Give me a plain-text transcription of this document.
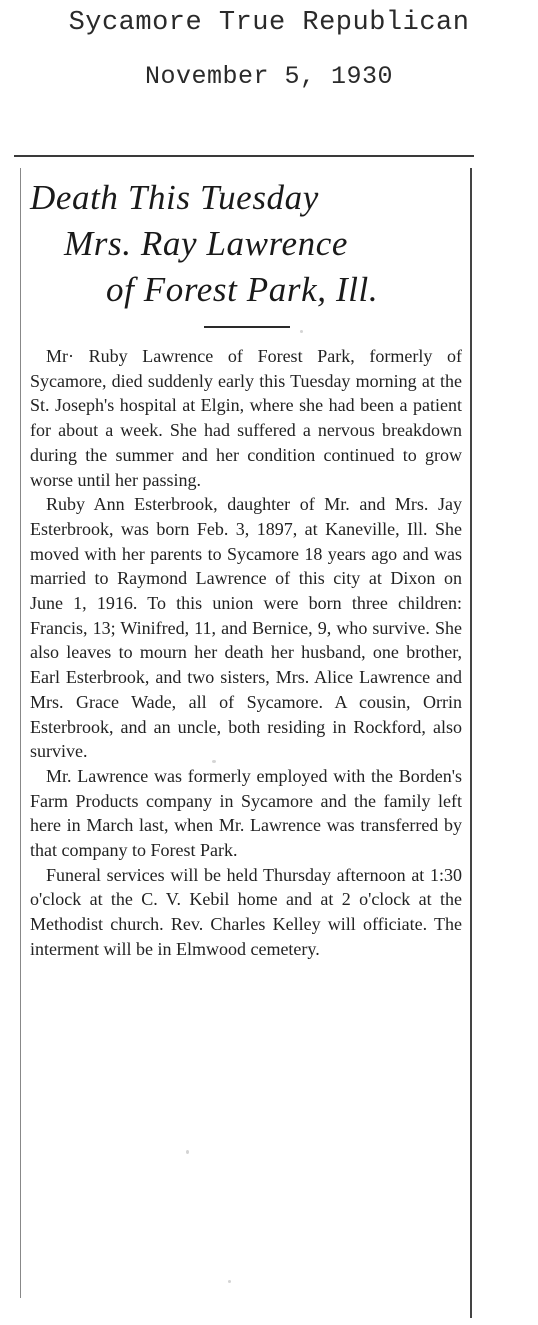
Sycamore True Republican
November 5, 1930
Death This Tuesday
Mrs. Ray Lawrence
of Forest Park, Ill.

Mr· Ruby Lawrence of Forest Park, formerly of Sycamore, died suddenly early this Tuesday morning at the St. Joseph's hospital at Elgin, where she had been a patient for about a week. She had suffered a nervous breakdown during the summer and her condition continued to grow worse until her passing.

Ruby Ann Esterbrook, daughter of Mr. and Mrs. Jay Esterbrook, was born Feb. 3, 1897, at Kaneville, Ill. She moved with her parents to Sycamore 18 years ago and was married to Raymond Lawrence of this city at Dixon on June 1, 1916. To this union were born three children: Francis, 13; Winifred, 11, and Bernice, 9, who survive. She also leaves to mourn her death her husband, one brother, Earl Esterbrook, and two sisters, Mrs. Alice Lawrence and Mrs. Grace Wade, all of Sycamore. A cousin, Orrin Esterbrook, and an uncle, both residing in Rockford, also survive.

Mr. Lawrence was formerly employed with the Borden's Farm Products company in Sycamore and the family left here in March last, when Mr. Lawrence was transferred by that company to Forest Park.

Funeral services will be held Thursday afternoon at 1:30 o'clock at the C. V. Kebil home and at 2 o'clock at the Methodist church. Rev. Charles Kelley will officiate. The interment will be in Elmwood cemetery.
